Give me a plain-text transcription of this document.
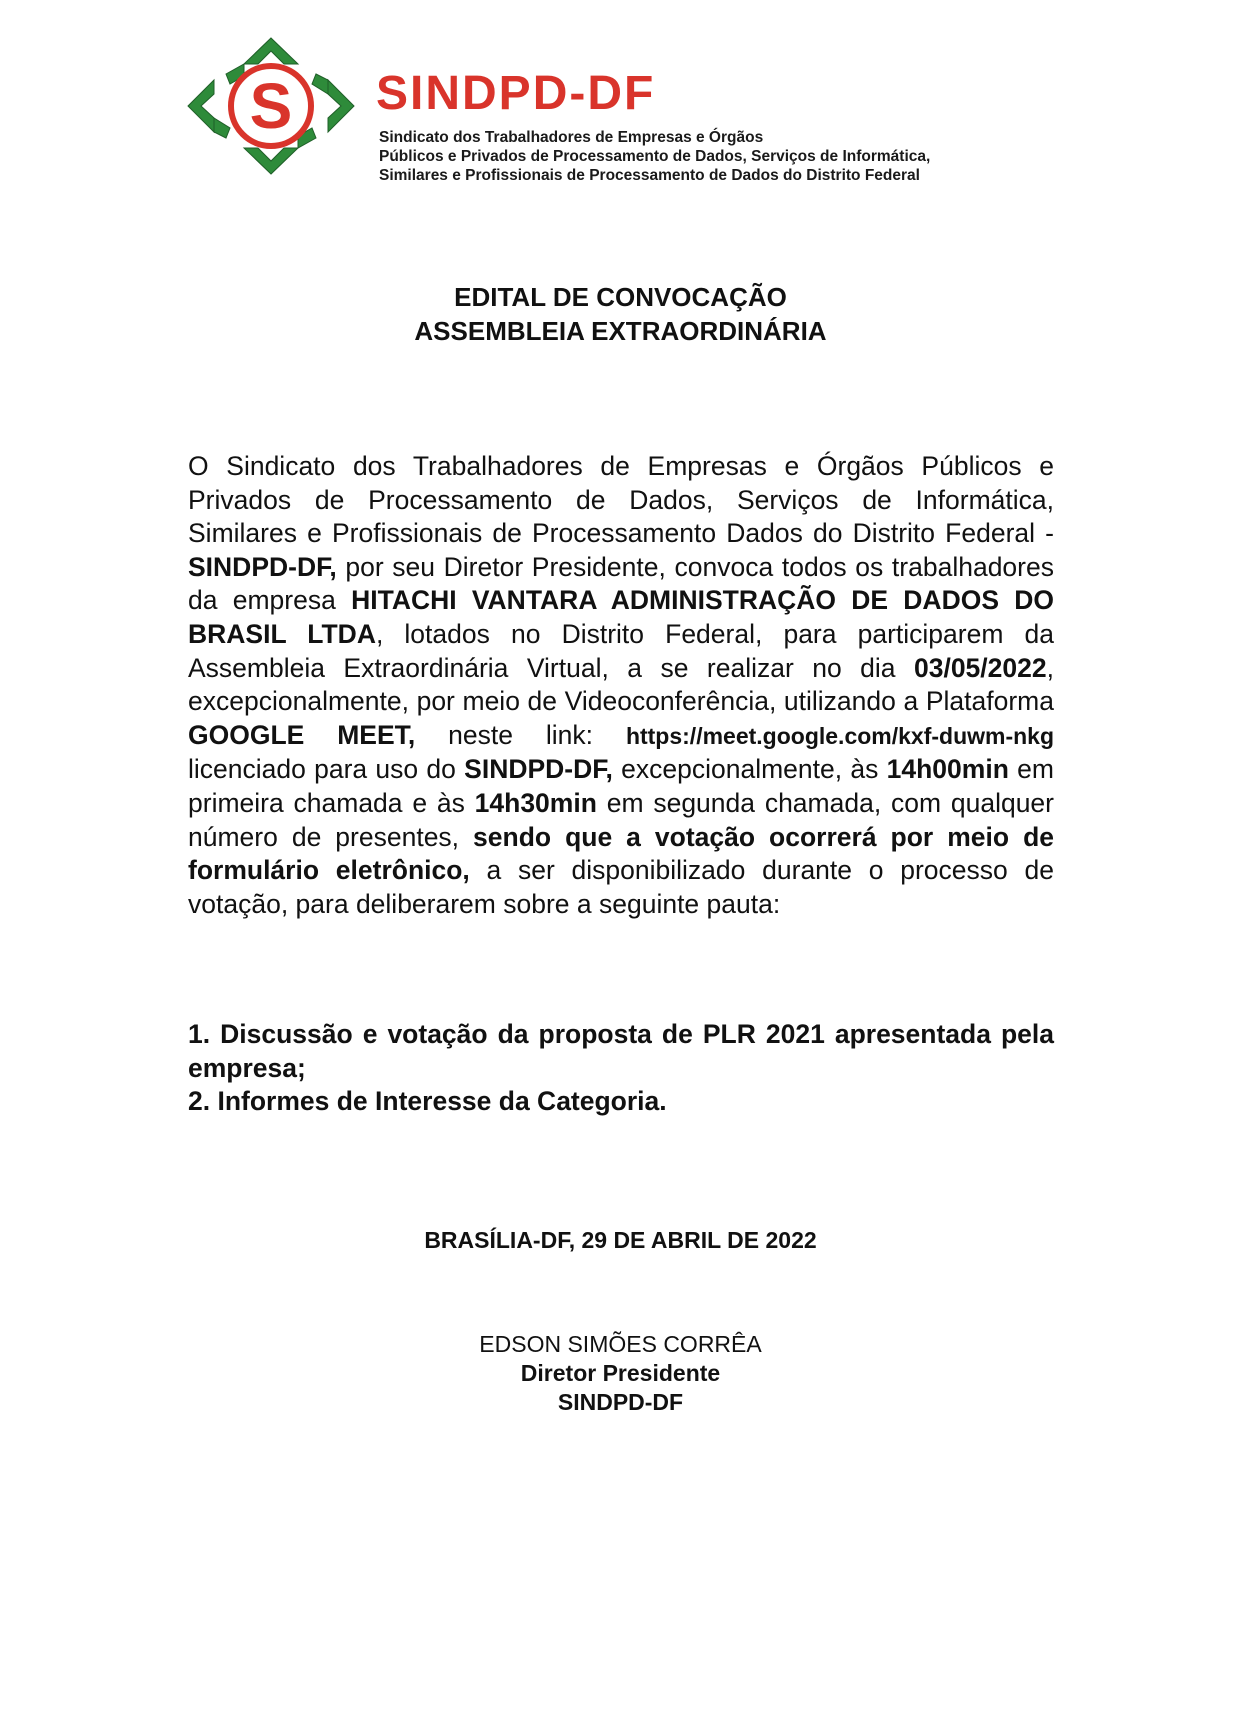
S SINDPD-DF
Sindicato dos Trabalhadores de Empresas e Órgãos
Públicos e Privados de Processamento de Dados, Serviços de Informática,
Similares e Profissionais de Processamento de Dados do Distrito Federal
EDITAL DE CONVOCAÇÃO
ASSEMBLEIA EXTRAORDINÁRIA
O Sindicato dos Trabalhadores de Empresas e Órgãos Públicos e Privados de Processamento de Dados, Serviços de Informática, Similares e Profissionais de Processamento Dados do Distrito Federal - SINDPD-DF, por seu Diretor Presidente, convoca todos os trabalhadores da empresa HITACHI VANTARA ADMINISTRAÇÃO DE DADOS DO BRASIL LTDA, lotados no Distrito Federal, para participarem da Assembleia Extraordinária Virtual, a se realizar no dia 03/05/2022, excepcionalmente, por meio de Videoconferência, utilizando a Plataforma GOOGLE MEET, neste link: https://meet.google.com/kxf-duwm-nkg licenciado para uso do SINDPD-DF, excepcionalmente, às 14h00min em primeira chamada e às 14h30min em segunda chamada, com qualquer número de presentes, sendo que a votação ocorrerá por meio de formulário eletrônico, a ser disponibilizado durante o processo de votação, para deliberarem sobre a seguinte pauta:

1. Discussão e votação da proposta de PLR 2021 apresentada pela empresa;

2. Informes de Interesse da Categoria.

BRASÍLIA-DF, 29 DE ABRIL DE 2022
EDSON SIMÕES CORRÊA
Diretor Presidente
SINDPD-DF
